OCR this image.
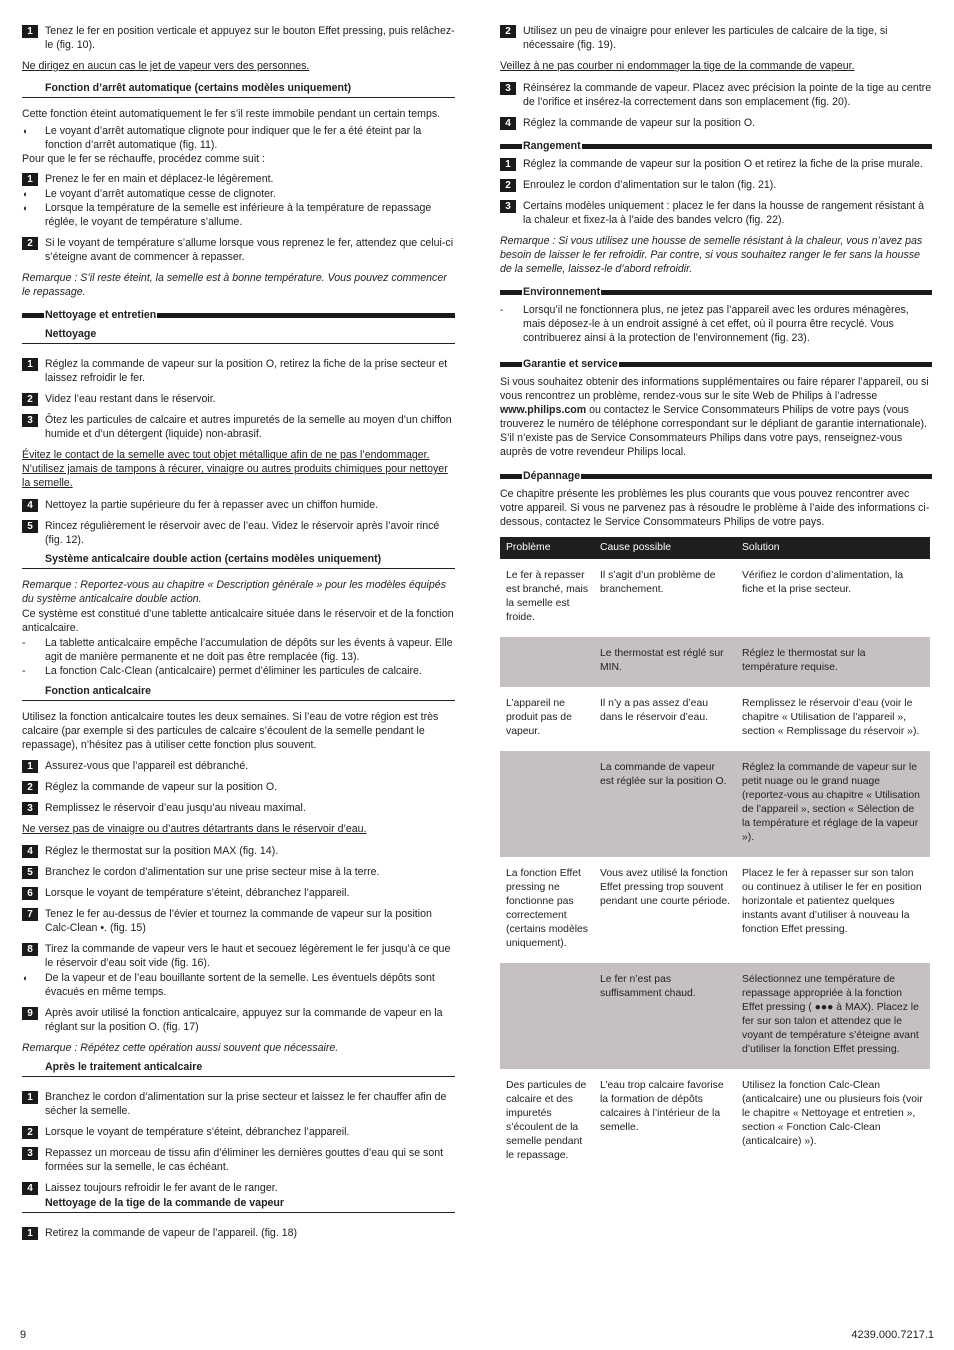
1	Tenez le fer en position verticale et appuyez sur le bouton Effet pressing, puis relâchez-le (fig. 10).
Ne dirigez en aucun cas le jet de vapeur vers des personnes.
Fonction d’arrêt automatique (certains modèles uniquement)
Cette fonction éteint automatiquement le fer s’il reste immobile pendant un certain temps.
◖	Le voyant d’arrêt automatique clignote pour indiquer que le fer a été éteint par la fonction d’arrêt automatique (fig. 11).
Pour que le fer se réchauffe, procédez comme suit :
1	Prenez le fer en main et déplacez-le légèrement.
◖	Le voyant d’arrêt automatique cesse de clignoter.
◖	Lorsque la température de la semelle est inférieure à la température de repassage réglée, le voyant de température s’allume.
2	Si le voyant de température s’allume lorsque vous reprenez le fer, attendez que celui-ci s’éteigne avant de commencer à repasser.
Remarque : S’il reste éteint, la semelle est à bonne température. Vous pouvez commencer le repassage.
Nettoyage et entretien
Nettoyage
1	Réglez la commande de vapeur sur la position O, retirez la fiche de la prise secteur et laissez refroidir le fer.
2	Videz l’eau restant dans le réservoir.
3	Ôtez les particules de calcaire et autres impuretés de la semelle au moyen d’un chiffon humide et d’un détergent (liquide) non-abrasif.
Évitez le contact de la semelle avec tout objet métallique afin de ne pas l’endommager. N’utilisez jamais de tampons à récurer, vinaigre ou autres produits chimiques pour nettoyer la semelle.
4	Nettoyez la partie supérieure du fer à repasser avec un chiffon humide.
5	Rincez régulièrement le réservoir avec de l’eau. Videz le réservoir après l’avoir rincé (fig. 12).
Système anticalcaire double action (certains modèles uniquement)
Remarque : Reportez-vous au chapitre « Description générale » pour les modèles équipés du système anticalcaire double action.
Ce système est constitué d’une tablette anticalcaire située dans le réservoir et de la fonction anticalcaire.
-	La tablette anticalcaire empêche l’accumulation de dépôts sur les évents à vapeur. Elle agit de manière permanente et ne doit pas être remplacée (fig. 13).
-	La fonction Calc-Clean (anticalcaire) permet d’éliminer les particules de calcaire.
Fonction anticalcaire
Utilisez la fonction anticalcaire toutes les deux semaines. Si l’eau de votre région est très calcaire (par exemple si des particules de calcaire s’écoulent de la semelle pendant le repassage), n’hésitez pas à utiliser cette fonction plus souvent.
1	Assurez-vous que l’appareil est débranché.
2	Réglez la commande de vapeur sur la position O.
3	Remplissez le réservoir d’eau jusqu’au niveau maximal.
Ne versez pas de vinaigre ou d’autres détartrants dans le réservoir d’eau.
4	Réglez le thermostat sur la position MAX (fig. 14).
5	Branchez le cordon d’alimentation sur une prise secteur mise à la terre.
6	Lorsque le voyant de température s’éteint, débranchez l’appareil.
7	Tenez le fer au-dessus de l’évier et tournez la commande de vapeur sur la position Calc-Clean •. (fig. 15)
8	Tirez la commande de vapeur vers le haut et secouez légèrement le fer jusqu’à ce que le réservoir d’eau soit vide (fig. 16).
◖	De la vapeur et de l’eau bouillante sortent de la semelle. Les éventuels dépôts sont évacués en même temps.
9	Après avoir utilisé la fonction anticalcaire, appuyez sur la commande de vapeur en la réglant sur la position O. (fig. 17)
Remarque : Répétez cette opération aussi souvent que nécessaire.
Après le traitement anticalcaire
1	Branchez le cordon d’alimentation sur la prise secteur et laissez le fer chauffer afin de sécher la semelle.
2	Lorsque le voyant de température s’éteint, débranchez l’appareil.
3	Repassez un morceau de tissu afin d’éliminer les dernières gouttes d’eau qui se sont formées sur la semelle, le cas échéant.
4	Laissez toujours refroidir le fer avant de le ranger.
Nettoyage de la tige de la commande de vapeur
1	Retirez la commande de vapeur de l’appareil. (fig. 18)
2	Utilisez un peu de vinaigre pour enlever les particules de calcaire de la tige, si nécessaire (fig. 19).
Veillez à ne pas courber ni endommager la tige de la commande de vapeur.
3	Réinsérez la commande de vapeur. Placez avec précision la pointe de la tige au centre de l’orifice et insérez-la correctement dans son emplacement (fig. 20).
4	Réglez la commande de vapeur sur la position O.
Rangement
1	Réglez la commande de vapeur sur la position O et retirez la fiche de la prise murale.
2	Enroulez le cordon d’alimentation sur le talon (fig. 21).
3	Certains modèles uniquement : placez le fer dans la housse de rangement résistant à la chaleur et fixez-la à l’aide des bandes velcro (fig. 22).
Remarque : Si vous utilisez une housse de semelle résistant à la chaleur, vous n’avez pas besoin de laisser le fer refroidir. Par contre, si vous souhaitez ranger le fer sans la housse de la semelle, laissez-le d’abord refroidir.
Environnement
-	Lorsqu’il ne fonctionnera plus, ne jetez pas l’appareil avec les ordures ménagères, mais déposez-le à un endroit assigné à cet effet, où il pourra être recyclé. Vous contribuerez ainsi à la protection de l’environnement (fig. 23).
Garantie et service
Si vous souhaitez obtenir des informations supplémentaires ou faire réparer l’appareil, ou si vous rencontrez un problème, rendez-vous sur le site Web de Philips à l’adresse www.philips.com ou contactez le Service Consommateurs Philips de votre pays (vous trouverez le numéro de téléphone correspondant sur le dépliant de garantie internationale). S’il n’existe pas de Service Consommateurs Philips dans votre pays, renseignez-vous auprès de votre revendeur Philips local.
Dépannage
Ce chapitre présente les problèmes les plus courants que vous pouvez rencontrer avec votre appareil. Si vous ne parvenez pas à résoudre le problème à l’aide des informations ci-dessous, contactez le Service Consommateurs Philips de votre pays.
Problème	Cause possible	Solution
Le fer à repasser est branché, mais la semelle est froide.	Il s’agit d’un problème de branchement.	Vérifiez le cordon d’alimentation, la fiche et la prise secteur.
	Le thermostat est réglé sur MIN.	Réglez le thermostat sur la température requise.
L’appareil ne produit pas de vapeur.	Il n’y a pas assez d’eau dans le réservoir d’eau.	Remplissez le réservoir d’eau (voir le chapitre « Utilisation de l’appareil », section « Remplissage du réservoir »).
	La commande de vapeur est réglée sur la position O.	Réglez la commande de vapeur sur le petit nuage ou le grand nuage (reportez-vous au chapitre « Utilisation de l’appareil », section « Sélection de la température et réglage de la vapeur »).
La fonction Effet pressing ne fonctionne pas correctement (certains modèles uniquement).	Vous avez utilisé la fonction Effet pressing trop souvent pendant une courte période.	Placez le fer à repasser sur son talon ou continuez à utiliser le fer en position horizontale et patientez quelques instants avant d’utiliser à nouveau la fonction Effet pressing.
	Le fer n’est pas suffisamment chaud.	Sélectionnez une température de repassage appropriée à la fonction Effet pressing ( ●●● à MAX). Placez le fer sur son talon et attendez que le voyant de température s’éteigne avant d’utiliser la fonction Effet pressing.
Des particules de calcaire et des impuretés s’écoulent de la semelle pendant le repassage.	L’eau trop calcaire favorise la formation de dépôts calcaires à l’intérieur de la semelle.	Utilisez la fonction Calc-Clean (anticalcaire) une ou plusieurs fois (voir le chapitre « Nettoyage et entretien », section « Fonction Calc-Clean (anticalcaire) »).
9	4239.000.7217.1
